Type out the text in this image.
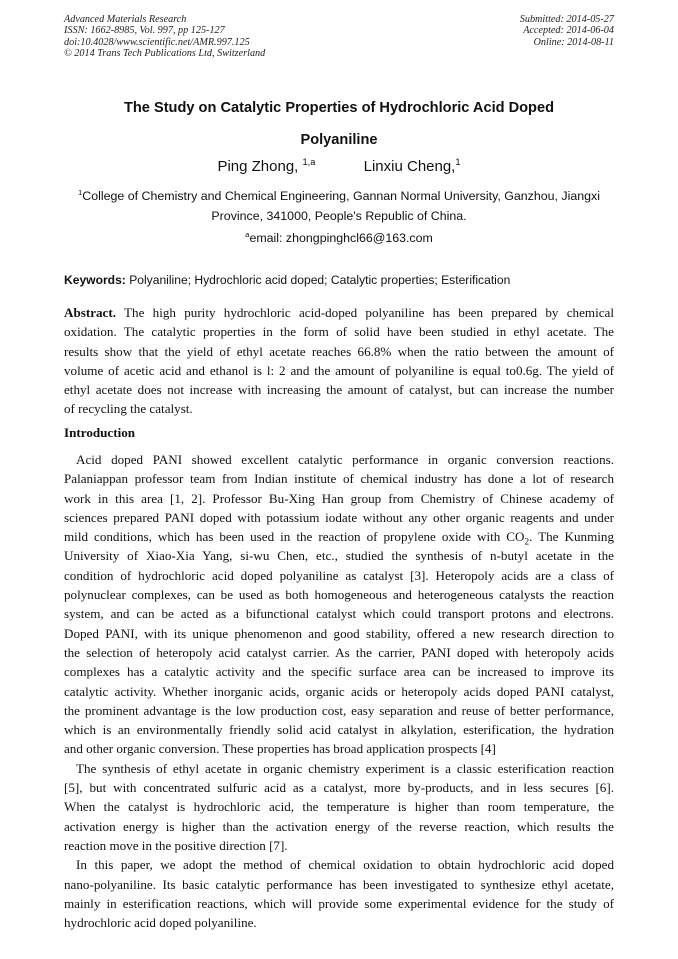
Advanced Materials Research
ISSN: 1662-8985, Vol. 997, pp 125-127
doi:10.4028/www.scientific.net/AMR.997.125
© 2014 Trans Tech Publications Ltd, Switzerland
Submitted: 2014-05-27
Accepted: 2014-06-04
Online: 2014-08-11
The Study on Catalytic Properties of Hydrochloric Acid Doped
Polyaniline
Ping Zhong, $^{1,a}$	Linxiu Cheng,$^1$
$^1$College of Chemistry and Chemical Engineering, Gannan Normal University, Ganzhou, Jiangxi
Province, 341000, People's Republic of China.
$^a$email: zhongpinghcl66@163.com
Keywords: Polyaniline; Hydrochloric acid doped; Catalytic properties; Esterification
Abstract. The high purity hydrochloric acid-doped polyaniline has been prepared by chemical
oxidation. The catalytic properties in the form of solid have been studied in ethyl acetate. The
results show that the yield of ethyl acetate reaches 66.8% when the ratio between the amount of
volume of acetic acid and ethanol is l: 2 and the amount of polyaniline is equal to0.6g. The yield of
ethyl acetate does not increase with increasing the amount of catalyst, but can increase the number
of recycling the catalyst.
Introduction
Acid doped PANI showed excellent catalytic performance in organic conversion reactions.
Palaniappan professor team from Indian institute of chemical industry has done a lot of research
work in this area [1, 2]. Professor Bu-Xing Han group from Chemistry of Chinese academy of
sciences prepared PANI doped with potassium iodate without any other organic reagents and under
mild conditions, which has been used in the reaction of propylene oxide with $CO_2$. The Kunming
University of Xiao-Xia Yang, si-wu Chen, etc., studied the synthesis of n-butyl acetate in the
condition of hydrochloric acid doped polyaniline as catalyst [3]. Heteropoly acids are a class of
polynuclear complexes, can be used as both homogeneous and heterogeneous catalysts the reaction
system, and can be acted as a bifunctional catalyst which could transport protons and electrons.
Doped PANI, with its unique phenomenon and good stability, offered a new research direction to
the selection of heteropoly acid catalyst carrier. As the carrier, PANI doped with heteropoly acids
complexes has a catalytic activity and the specific surface area can be increased to improve its
catalytic activity. Whether inorganic acids, organic acids or heteropoly acids doped PANI catalyst,
the prominent advantage is the low production cost, easy separation and reuse of better performance,
which is an environmentally friendly solid acid catalyst in alkylation, esterification, the hydration
and other organic conversion. These properties has broad application prospects [4]
The synthesis of ethyl acetate in organic chemistry experiment is a classic esterification reaction
[5], but with concentrated sulfuric acid as a catalyst, more by-products, and in less secures [6].
When the catalyst is hydrochloric acid, the temperature is higher than room temperature, the
activation energy is higher than the activation energy of the reverse reaction, which results the
reaction move in the positive direction [7].
In this paper, we adopt the method of chemical oxidation to obtain hydrochloric acid doped
nano-polyaniline. Its basic catalytic performance has been investigated to synthesize ethyl acetate,
mainly in esterification reactions, which will provide some experimental evidence for the study of
hydrochloric acid doped polyaniline.
